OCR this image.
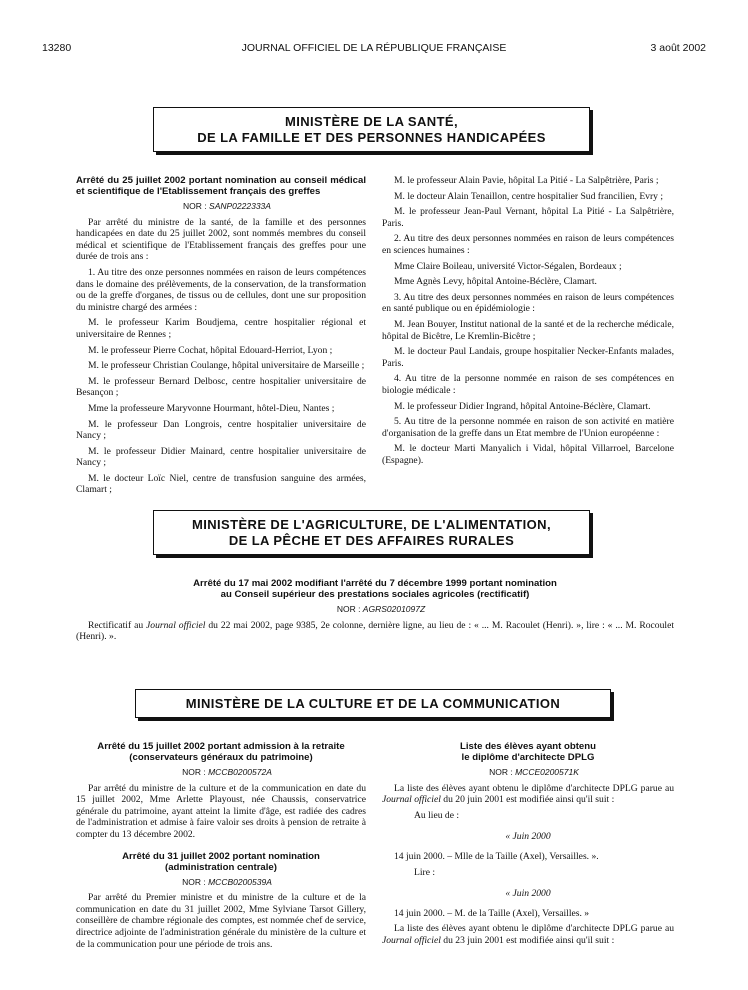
13280	JOURNAL OFFICIEL DE LA RÉPUBLIQUE FRANÇAISE	3 août 2002
MINISTÈRE DE LA SANTÉ,
DE LA FAMILLE ET DES PERSONNES HANDICAPÉES
Arrêté du 25 juillet 2002 portant nomination au conseil médical et scientifique de l'Etablissement français des greffes

NOR : SANP0222333A

Par arrêté du ministre de la santé, de la famille et des personnes handicapées en date du 25 juillet 2002, sont nommés membres du conseil médical et scientifique de l'Etablissement français des greffes pour une durée de trois ans :

1. Au titre des onze personnes nommées en raison de leurs compétences dans le domaine des prélèvements, de la conservation, de la transformation ou de la greffe d'organes, de tissus ou de cellules, dont une sur proposition du ministre chargé des armées :

M. le professeur Karim Boudjema, centre hospitalier régional et universitaire de Rennes ;

M. le professeur Pierre Cochat, hôpital Edouard-Herriot, Lyon ;

M. le professeur Christian Coulange, hôpital universitaire de Marseille ;

M. le professeur Bernard Delbosc, centre hospitalier universitaire de Besançon ;

Mme la professeure Maryvonne Hourmant, hôtel-Dieu, Nantes ;

M. le professeur Dan Longrois, centre hospitalier universitaire de Nancy ;

M. le professeur Didier Mainard, centre hospitalier universitaire de Nancy ;

M. le docteur Loïc Niel, centre de transfusion sanguine des armées, Clamart ;

M. le professeur Alain Pavie, hôpital La Pitié - La Salpêtrière, Paris ;

M. le docteur Alain Tenaillon, centre hospitalier Sud francilien, Evry ;

M. le professeur Jean-Paul Vernant, hôpital La Pitié - La Salpêtrière, Paris.

2. Au titre des deux personnes nommées en raison de leurs compétences en sciences humaines :

Mme Claire Boileau, université Victor-Ségalen, Bordeaux ;

Mme Agnès Levy, hôpital Antoine-Béclère, Clamart.

3. Au titre des deux personnes nommées en raison de leurs compétences en santé publique ou en épidémiologie :

M. Jean Bouyer, Institut national de la santé et de la recherche médicale, hôpital de Bicêtre, Le Kremlin-Bicêtre ;

M. le docteur Paul Landais, groupe hospitalier Necker-Enfants malades, Paris.

4. Au titre de la personne nommée en raison de ses compétences en biologie médicale :

M. le professeur Didier Ingrand, hôpital Antoine-Béclère, Clamart.

5. Au titre de la personne nommée en raison de son activité en matière d'organisation de la greffe dans un Etat membre de l'Union européenne :

M. le docteur Marti Manyalich i Vidal, hôpital Villarroel, Barcelone (Espagne).

MINISTÈRE DE L'AGRICULTURE, DE L'ALIMENTATION,
DE LA PÊCHE ET DES AFFAIRES RURALES
Arrêté du 17 mai 2002 modifiant l'arrêté du 7 décembre 1999 portant nomination
au Conseil supérieur des prestations sociales agricoles (rectificatif)

NOR : AGRS0201097Z

Rectificatif au Journal officiel du 22 mai 2002, page 9385, 2e colonne, dernière ligne, au lieu de : « ... M. Racoulet (Henri). », lire : « ... M. Rocoulet (Henri). ».

MINISTÈRE DE LA CULTURE ET DE LA COMMUNICATION
Arrêté du 15 juillet 2002 portant admission à la retraite
(conservateurs généraux du patrimoine)

NOR : MCCB0200572A

Par arrêté du ministre de la culture et de la communication en date du 15 juillet 2002, Mme Arlette Playoust, née Chaussis, conservatrice générale du patrimoine, ayant atteint la limite d'âge, est radiée des cadres de l'administration et admise à faire valoir ses droits à pension de retraite à compter du 13 décembre 2002.

Arrêté du 31 juillet 2002 portant nomination
(administration centrale)

NOR : MCCB0200539A

Par arrêté du Premier ministre et du ministre de la culture et de la communication en date du 31 juillet 2002, Mme Sylviane Tarsot Gillery, conseillère de chambre régionale des comptes, est nommée chef de service, directrice adjointe de l'administration générale du ministère de la culture et de la communication pour une période de trois ans.

Liste des élèves ayant obtenu
le diplôme d'architecte DPLG

NOR : MCCE0200571K

La liste des élèves ayant obtenu le diplôme d'architecte DPLG parue au Journal officiel du 20 juin 2001 est modifiée ainsi qu'il suit :

Au lieu de :

« Juin 2000

14 juin 2000. – Mlle de la Taille (Axel), Versailles. ».

Lire :

« Juin 2000

14 juin 2000. – M. de la Taille (Axel), Versailles. »

La liste des élèves ayant obtenu le diplôme d'architecte DPLG parue au Journal officiel du 23 juin 2001 est modifiée ainsi qu'il suit :
